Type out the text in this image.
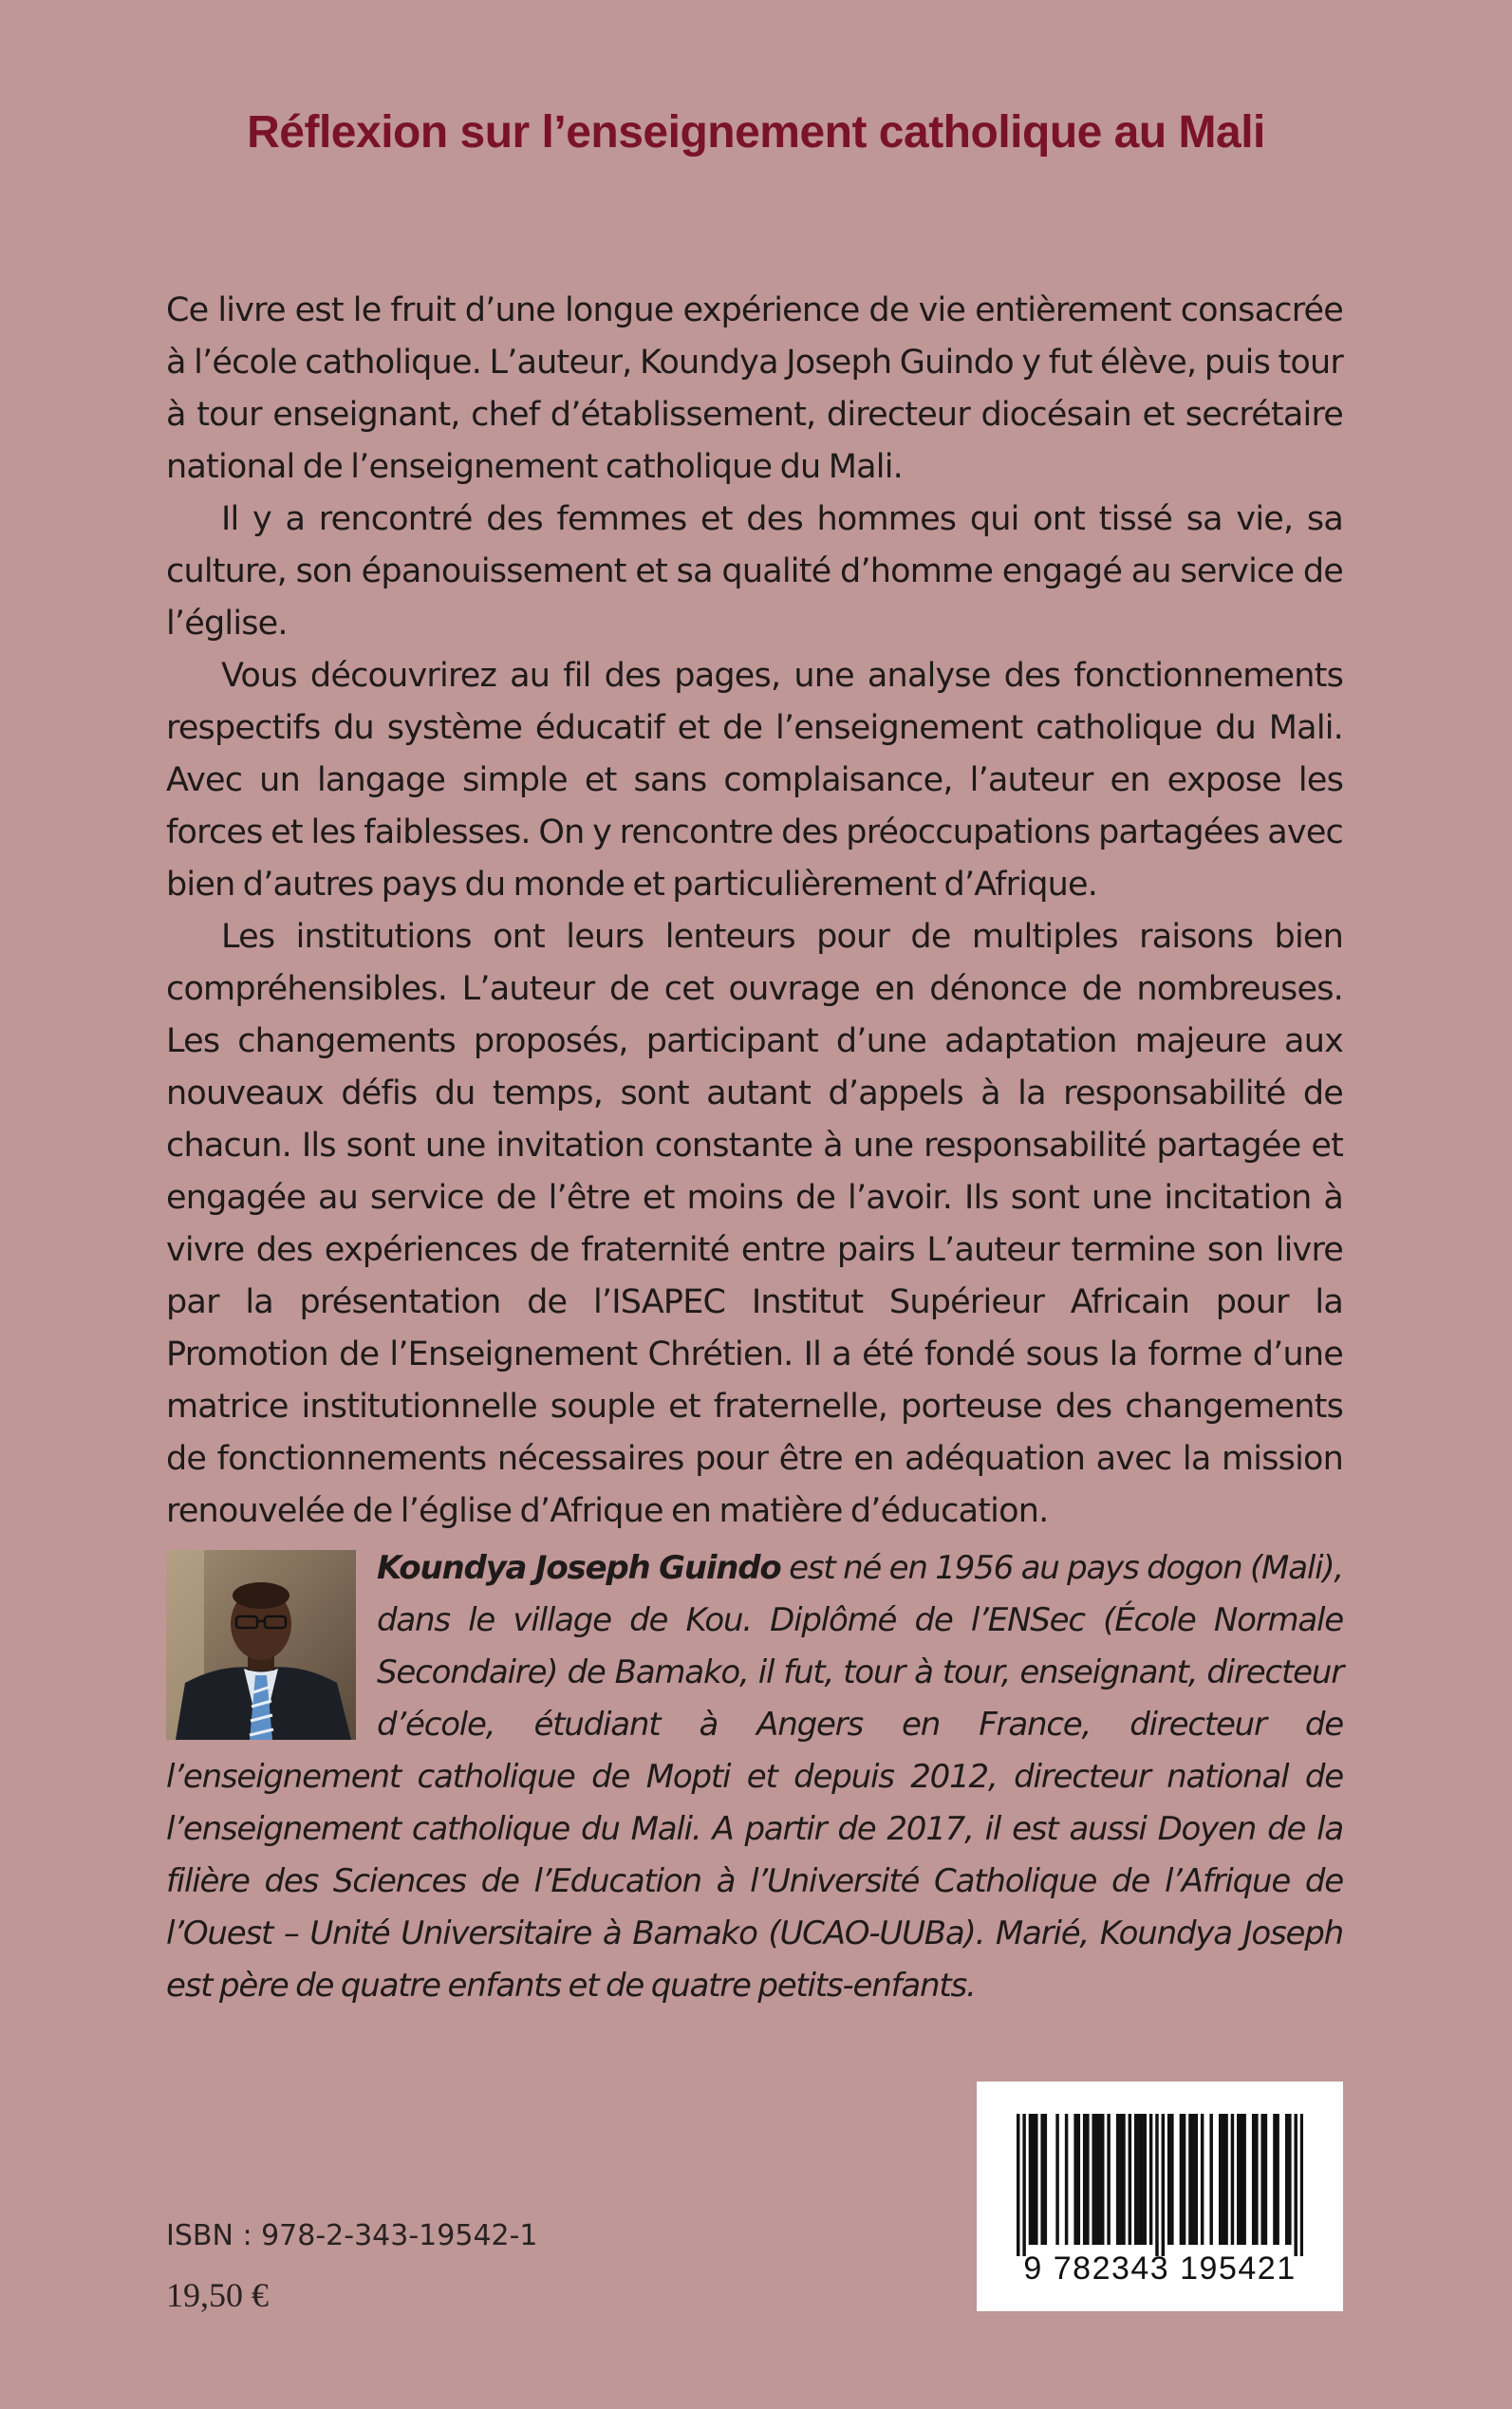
Réflexion sur l’enseignement catholique au Mali

Ce livre est le fruit d’une longue expérience de vie entièrement consacrée à l’école catholique. L’auteur, Koundya Joseph Guindo y fut élève, puis tour à tour enseignant, chef d’établissement, directeur diocésain et secrétaire national de l’enseignement catholique du Mali.

Il y a rencontré des femmes et des hommes qui ont tissé sa vie, sa culture, son épanouissement et sa qualité d’homme engagé au service de l’église.

Vous découvrirez au fil des pages, une analyse des fonctionnements respectifs du système éducatif et de l’enseignement catholique du Mali. Avec un langage simple et sans complaisance, l’auteur en expose les forces et les faiblesses. On y rencontre des préoccupations partagées avec bien d’autres pays du monde et particulièrement d’Afrique.

Les institutions ont leurs lenteurs pour de multiples raisons bien compréhensibles. L’auteur de cet ouvrage en dénonce de nombreuses. Les changements proposés, participant d’une adaptation majeure aux nouveaux défis du temps, sont autant d’appels à la responsabilité de chacun. Ils sont une invitation constante à une responsabilité partagée et engagée au service de l’être et moins de l’avoir. Ils sont une incitation à vivre des expériences de fraternité entre pairs L’auteur termine son livre par la présentation de l’ISAPEC Institut Supérieur Africain pour la Promotion de l’Enseignement Chrétien. Il a été fondé sous la forme d’une matrice institutionnelle souple et fraternelle, porteuse des changements de fonctionnements nécessaires pour être en adéquation avec la mission renouvelée de l’église d’Afrique en matière d’éducation.

Koundya Joseph Guindo est né en 1956 au pays dogon (Mali), dans le village de Kou. Diplômé de l’ENSec (École Normale Secondaire) de Bamako, il fut, tour à tour, enseignant, directeur d’école, étudiant à Angers en France, directeur de l’enseignement catholique de Mopti et depuis 2012, directeur national de l’enseignement catholique du Mali. A partir de 2017, il est aussi Doyen de la filière des Sciences de l’Education à l’Université Catholique de l’Afrique de l’Ouest – Unité Universitaire à Bamako (UCAO-UUBa). Marié, Koundya Joseph est père de quatre enfants et de quatre petits-enfants.

9 782343 195421
ISBN : 978-2-343-19542-1
19,50 €
